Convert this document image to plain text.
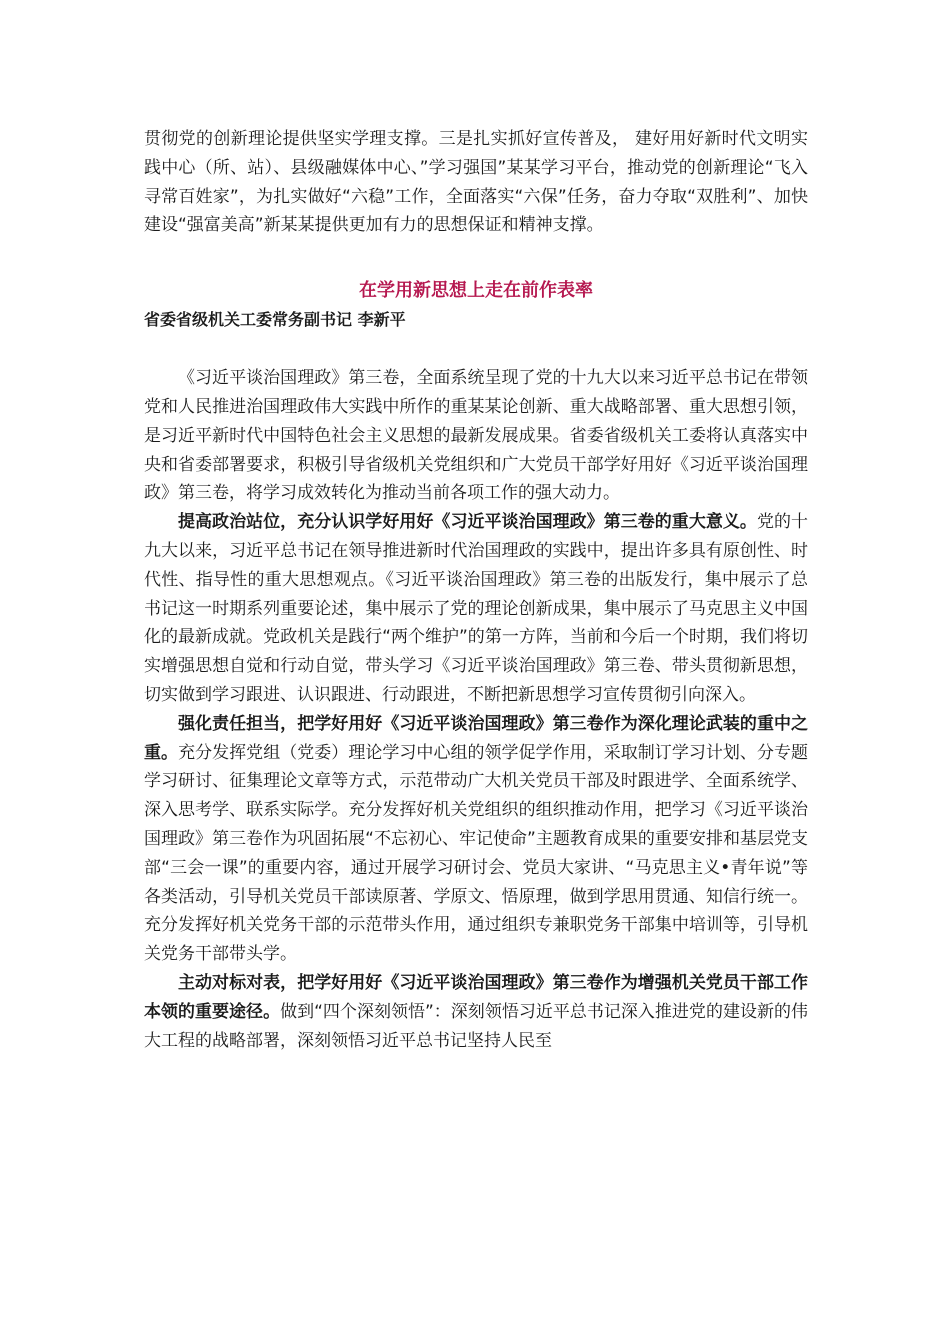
贯彻党的创新理论提供坚实学理支撑。三是扎实抓好宣传普及， 建好用好新时代文明实践中心（所、站）、县级融媒体中心、”学习强国”某某学习平台，推动党的创新理论“飞入寻常百姓家”，为扎实做好“六稳”工作，全面落实“六保”任务，奋力夺取“双胜利”、加快建设“强富美高”新某某提供更加有力的思想保证和精神支撑。

在学用新思想上走在前作表率
省委省级机关工委常务副书记 李新平

《习近平谈治国理政》第三卷，全面系统呈现了党的十九大以来习近平总书记在带领党和人民推进治国理政伟大实践中所作的重某某论创新、重大战略部署、重大思想引领，是习近平新时代中国特色社会主义思想的最新发展成果。省委省级机关工委将认真落实中央和省委部署要求，积极引导省级机关党组织和广大党员干部学好用好《习近平谈治国理政》第三卷，将学习成效转化为推动当前各项工作的强大动力。

提高政治站位，充分认识学好用好《习近平谈治国理政》第三卷的重大意义。党的十九大以来，习近平总书记在领导推进新时代治国理政的实践中，提出许多具有原创性、时代性、指导性的重大思想观点。《习近平谈治国理政》第三卷的出版发行，集中展示了总书记这一时期系列重要论述，集中展示了党的理论创新成果，集中展示了马克思主义中国化的最新成就。党政机关是践行“两个维护”的第一方阵，当前和今后一个时期，我们将切实增强思想自觉和行动自觉，带头学习《习近平谈治国理政》第三卷、带头贯彻新思想，切实做到学习跟进、认识跟进、行动跟进，不断把新思想学习宣传贯彻引向深入。

强化责任担当，把学好用好《习近平谈治国理政》第三卷作为深化理论武装的重中之重。充分发挥党组（党委）理论学习中心组的领学促学作用，采取制订学习计划、分专题学习研讨、征集理论文章等方式，示范带动广大机关党员干部及时跟进学、全面系统学、深入思考学、联系实际学。充分发挥好机关党组织的组织推动作用，把学习《习近平谈治国理政》第三卷作为巩固拓展“不忘初心、牢记使命”主题教育成果的重要安排和基层党支部“三会一课”的重要内容，通过开展学习研讨会、党员大家讲、“马克思主义•青年说”等各类活动，引导机关党员干部读原著、学原文、悟原理，做到学思用贯通、知信行统一。充分发挥好机关党务干部的示范带头作用，通过组织专兼职党务干部集中培训等，引导机关党务干部带头学。

主动对标对表，把学好用好《习近平谈治国理政》第三卷作为增强机关党员干部工作本领的重要途径。做到“四个深刻领悟”：深刻领悟习近平总书记深入推进党的建设新的伟大工程的战略部署，深刻领悟习近平总书记坚持人民至
